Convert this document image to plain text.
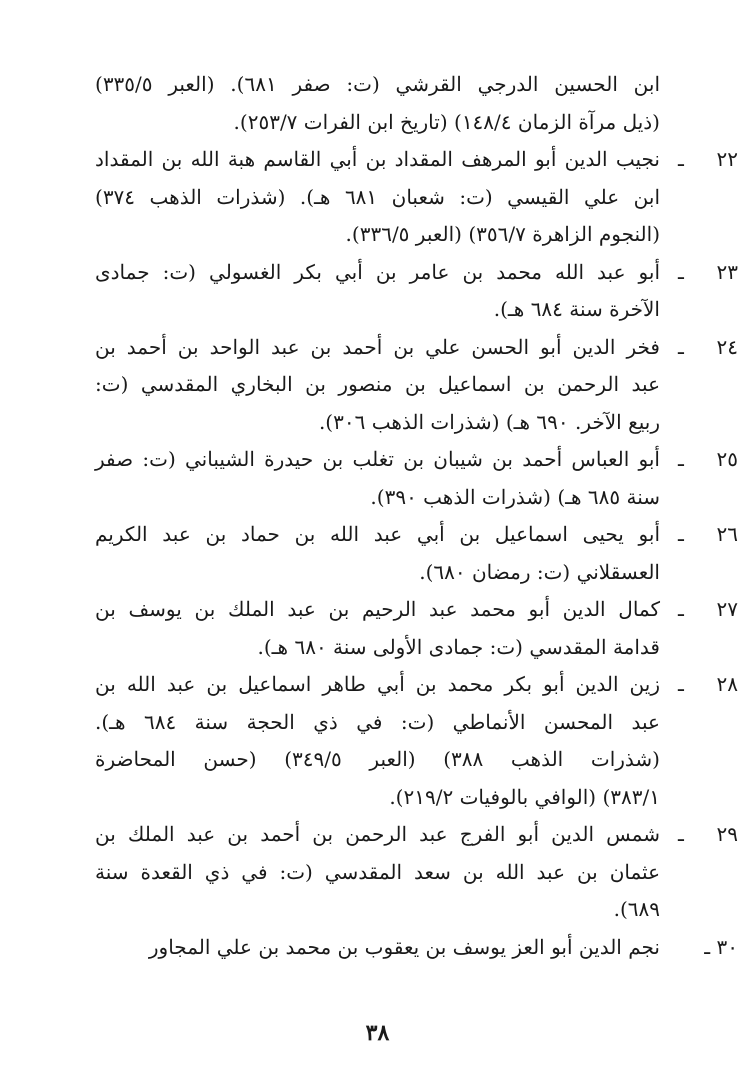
ابن الحسين الدرجي القرشي (ت: صفر ٦٨١). (العبر ٣٣٥/٥)
(ذيل مرآة الزمان ١٤٨/٤) (تاريخ ابن الفرات ٢٥٣/٧).
٢٢ ـ
نجيب الدين أبو المرهف المقداد بن أبي القاسم هبة الله بن المقداد
ابن علي القيسي (ت: شعبان ٦٨١ هـ). (شذرات الذهب ٣٧٤)
(النجوم الزاهرة ٣٥٦/٧) (العبر ٣٣٦/٥).
٢٣ ـ
أبو عبد الله محمد بن عامر بن أبي بكر الغسولي (ت: جمادى
الآخرة سنة ٦٨٤ هـ).
٢٤ ـ
فخر الدين أبو الحسن علي بن أحمد بن عبد الواحد بن أحمد بن
عبد الرحمن بن اسماعيل بن منصور بن البخاري المقدسي (ت:
ربيع الآخر. ٦٩٠ هـ) (شذرات الذهب ٣٠٦).
٢٥ ـ
أبو العباس أحمد بن شيبان بن تغلب بن حيدرة الشيباني (ت: صفر
سنة ٦٨٥ هـ) (شذرات الذهب ٣٩٠).
٢٦ ـ
أبو يحيى اسماعيل بن أبي عبد الله بن حماد بن عبد الكريم
العسقلاني (ت: رمضان ٦٨٠).
٢٧ ـ
كمال الدين أبو محمد عبد الرحيم بن عبد الملك بن يوسف بن
قدامة المقدسي (ت: جمادى الأولى سنة ٦٨٠ هـ).
٢٨ ـ
زين الدين أبو بكر محمد بن أبي طاهر اسماعيل بن عبد الله بن
عبد المحسن الأنماطي (ت: في ذي الحجة سنة ٦٨٤ هـ).
(شذرات الذهب ٣٨٨) (العبر ٣٤٩/٥) (حسن المحاضرة
٣٨٣/١) (الوافي بالوفيات ٢١٩/٢).
٢٩ ـ
شمس الدين أبو الفرج عبد الرحمن بن أحمد بن عبد الملك بن
عثمان بن عبد الله بن سعد المقدسي (ت: في ذي القعدة سنة
٦٨٩).
٣٠ ـ
نجم الدين أبو العز يوسف بن يعقوب بن محمد بن علي المجاور
٣٨
